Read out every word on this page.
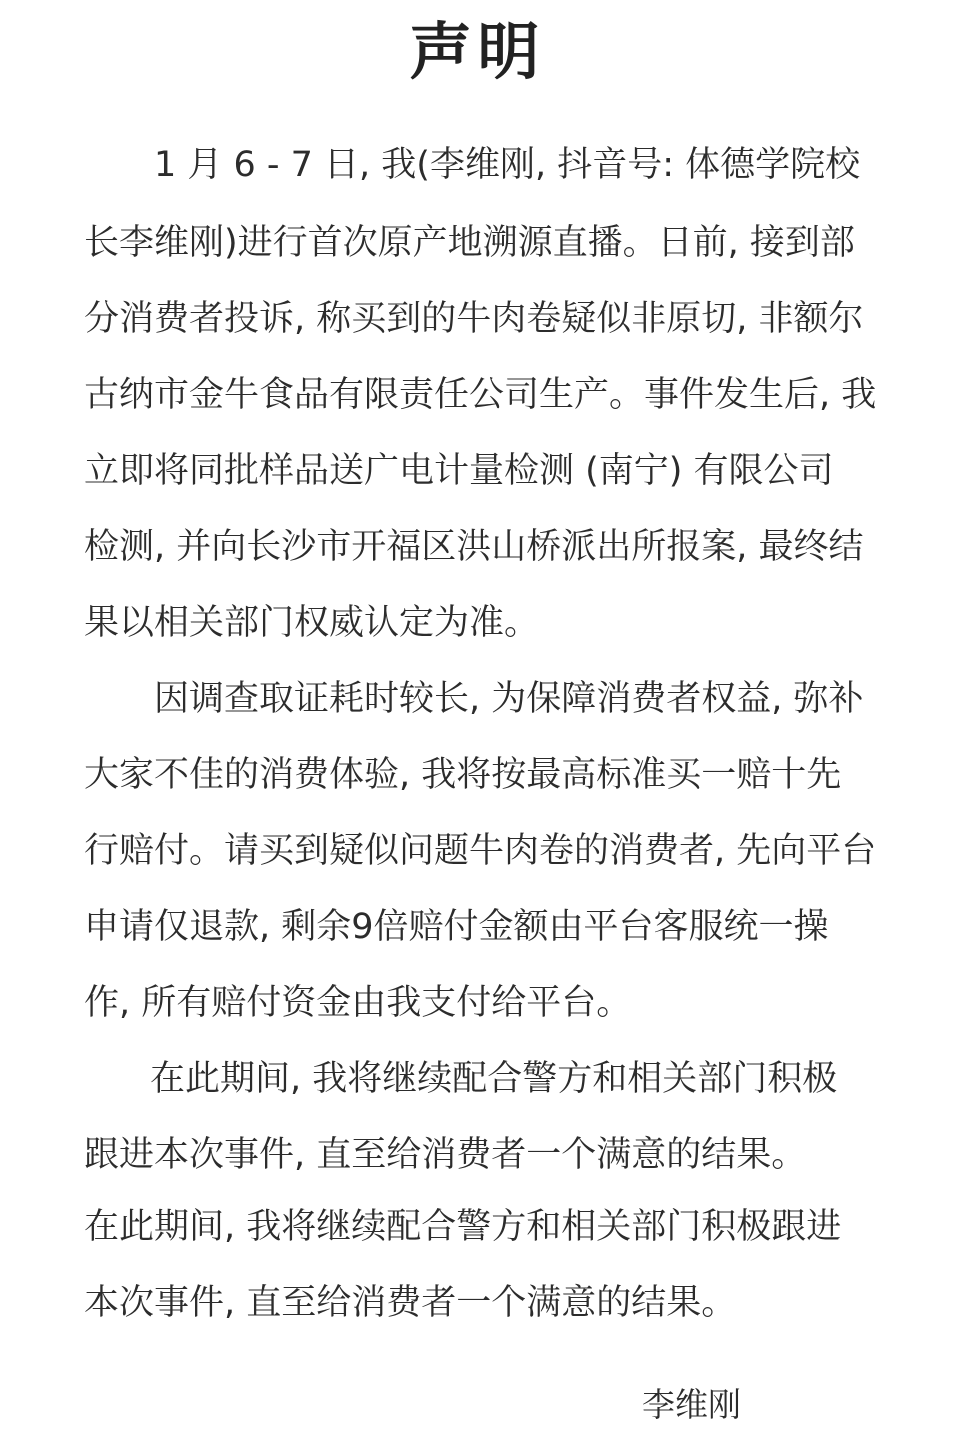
声明
1 月 6 - 7 日, 我(李维刚, 抖音号: 体德学院校
长李维刚)进行首次原产地溯源直播。日前, 接到部
分消费者投诉, 称买到的牛肉卷疑似非原切, 非额尔
古纳市金牛食品有限责任公司生产。事件发生后, 我
立即将同批样品送广电计量检测 (南宁) 有限公司
检测, 并向长沙市开福区洪山桥派出所报案, 最终结
果以相关部门权威认定为准。
因调查取证耗时较长, 为保障消费者权益, 弥补
大家不佳的消费体验, 我将按最高标准买一赔十先
行赔付。请买到疑似问题牛肉卷的消费者, 先向平台
申请仅退款, 剩余9倍赔付金额由平台客服统一操
作, 所有赔付资金由我支付给平台。
在此期间, 我将继续配合警方和相关部门积极
跟进本次事件, 直至给消费者一个满意的结果。
在此期间, 我将继续配合警方和相关部门积极跟进
本次事件, 直至给消费者一个满意的结果。
李维刚
